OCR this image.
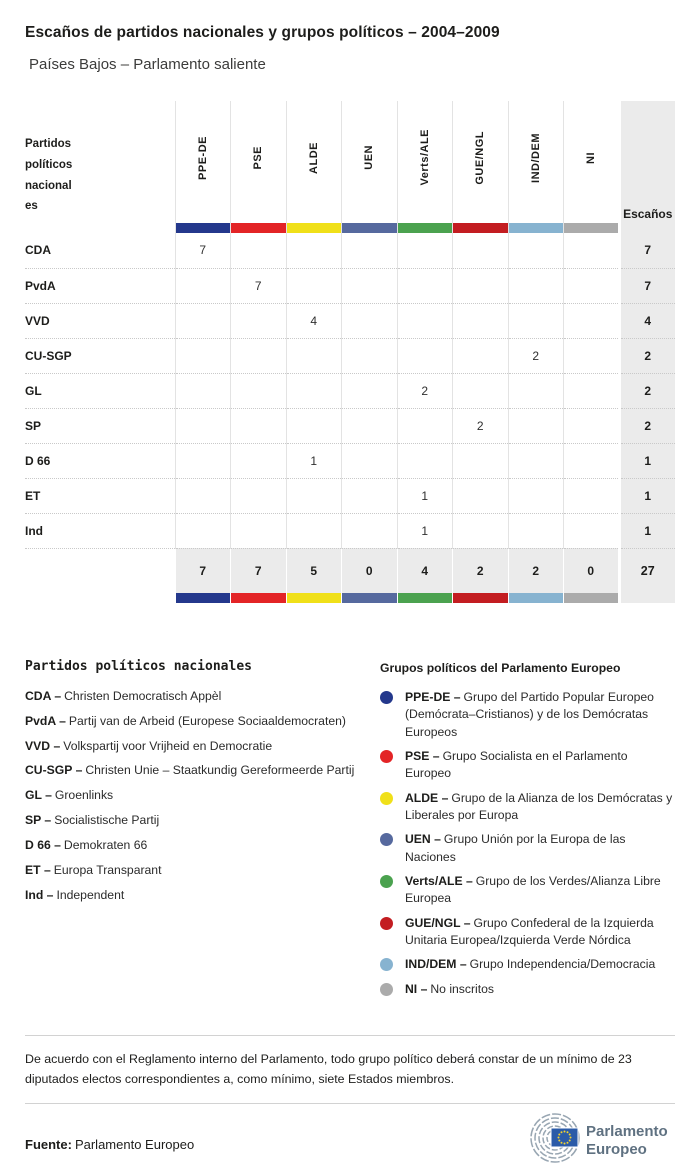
Escaños de partidos nacionales y grupos políticos – 2004–2009
Países Bajos – Parlamento saliente
Partidos
políticos
nacional
es	PPE-DE	PSE	ALDE	UEN	Verts/ALE	GUE/NGL	IND/DEM	NI	Escaños
CDA	7								7
PvdA		7							7
VVD			4						4
CU-SGP							2		2
GL					2				2
SP						2			2
D 66			1						1
ET					1				1
Ind					1				1
	7	7	5	0	4	2	2	0	27

Partidos políticos nacionales
CDA – Christen Democratisch Appèl
PvdA – Partij van de Arbeid (Europese Sociaaldemocraten)
VVD – Volkspartij voor Vrijheid en Democratie
CU-SGP – Christen Unie – Staatkundig Gereformeerde Partij
GL – Groenlinks
SP – Socialistische Partij
D 66 – Demokraten 66
ET – Europa Transparant
Ind – Independent
Grupos políticos del Parlamento Europeo
PPE-DE – Grupo del Partido Popular Europeo (Demócrata–Cristianos) y de los Demócratas Europeos
PSE – Grupo Socialista en el Parlamento Europeo
ALDE – Grupo de la Alianza de los Demócratas y Liberales por Europa
UEN – Grupo Unión por la Europa de las Naciones
Verts/ALE – Grupo de los Verdes/Alianza Libre Europea
GUE/NGL – Grupo Confederal de la Izquierda Unitaria Europea/Izquierda Verde Nórdica
IND/DEM – Grupo Independencia/Democracia
NI – No inscritos
De acuerdo con el Reglamento interno del Parlamento, todo grupo político deberá constar de un mínimo de 23 diputados electos correspondientes a, como mínimo, siete Estados miembros.
Fuente: Parlamento Europeo
Parlamento
Europeo
